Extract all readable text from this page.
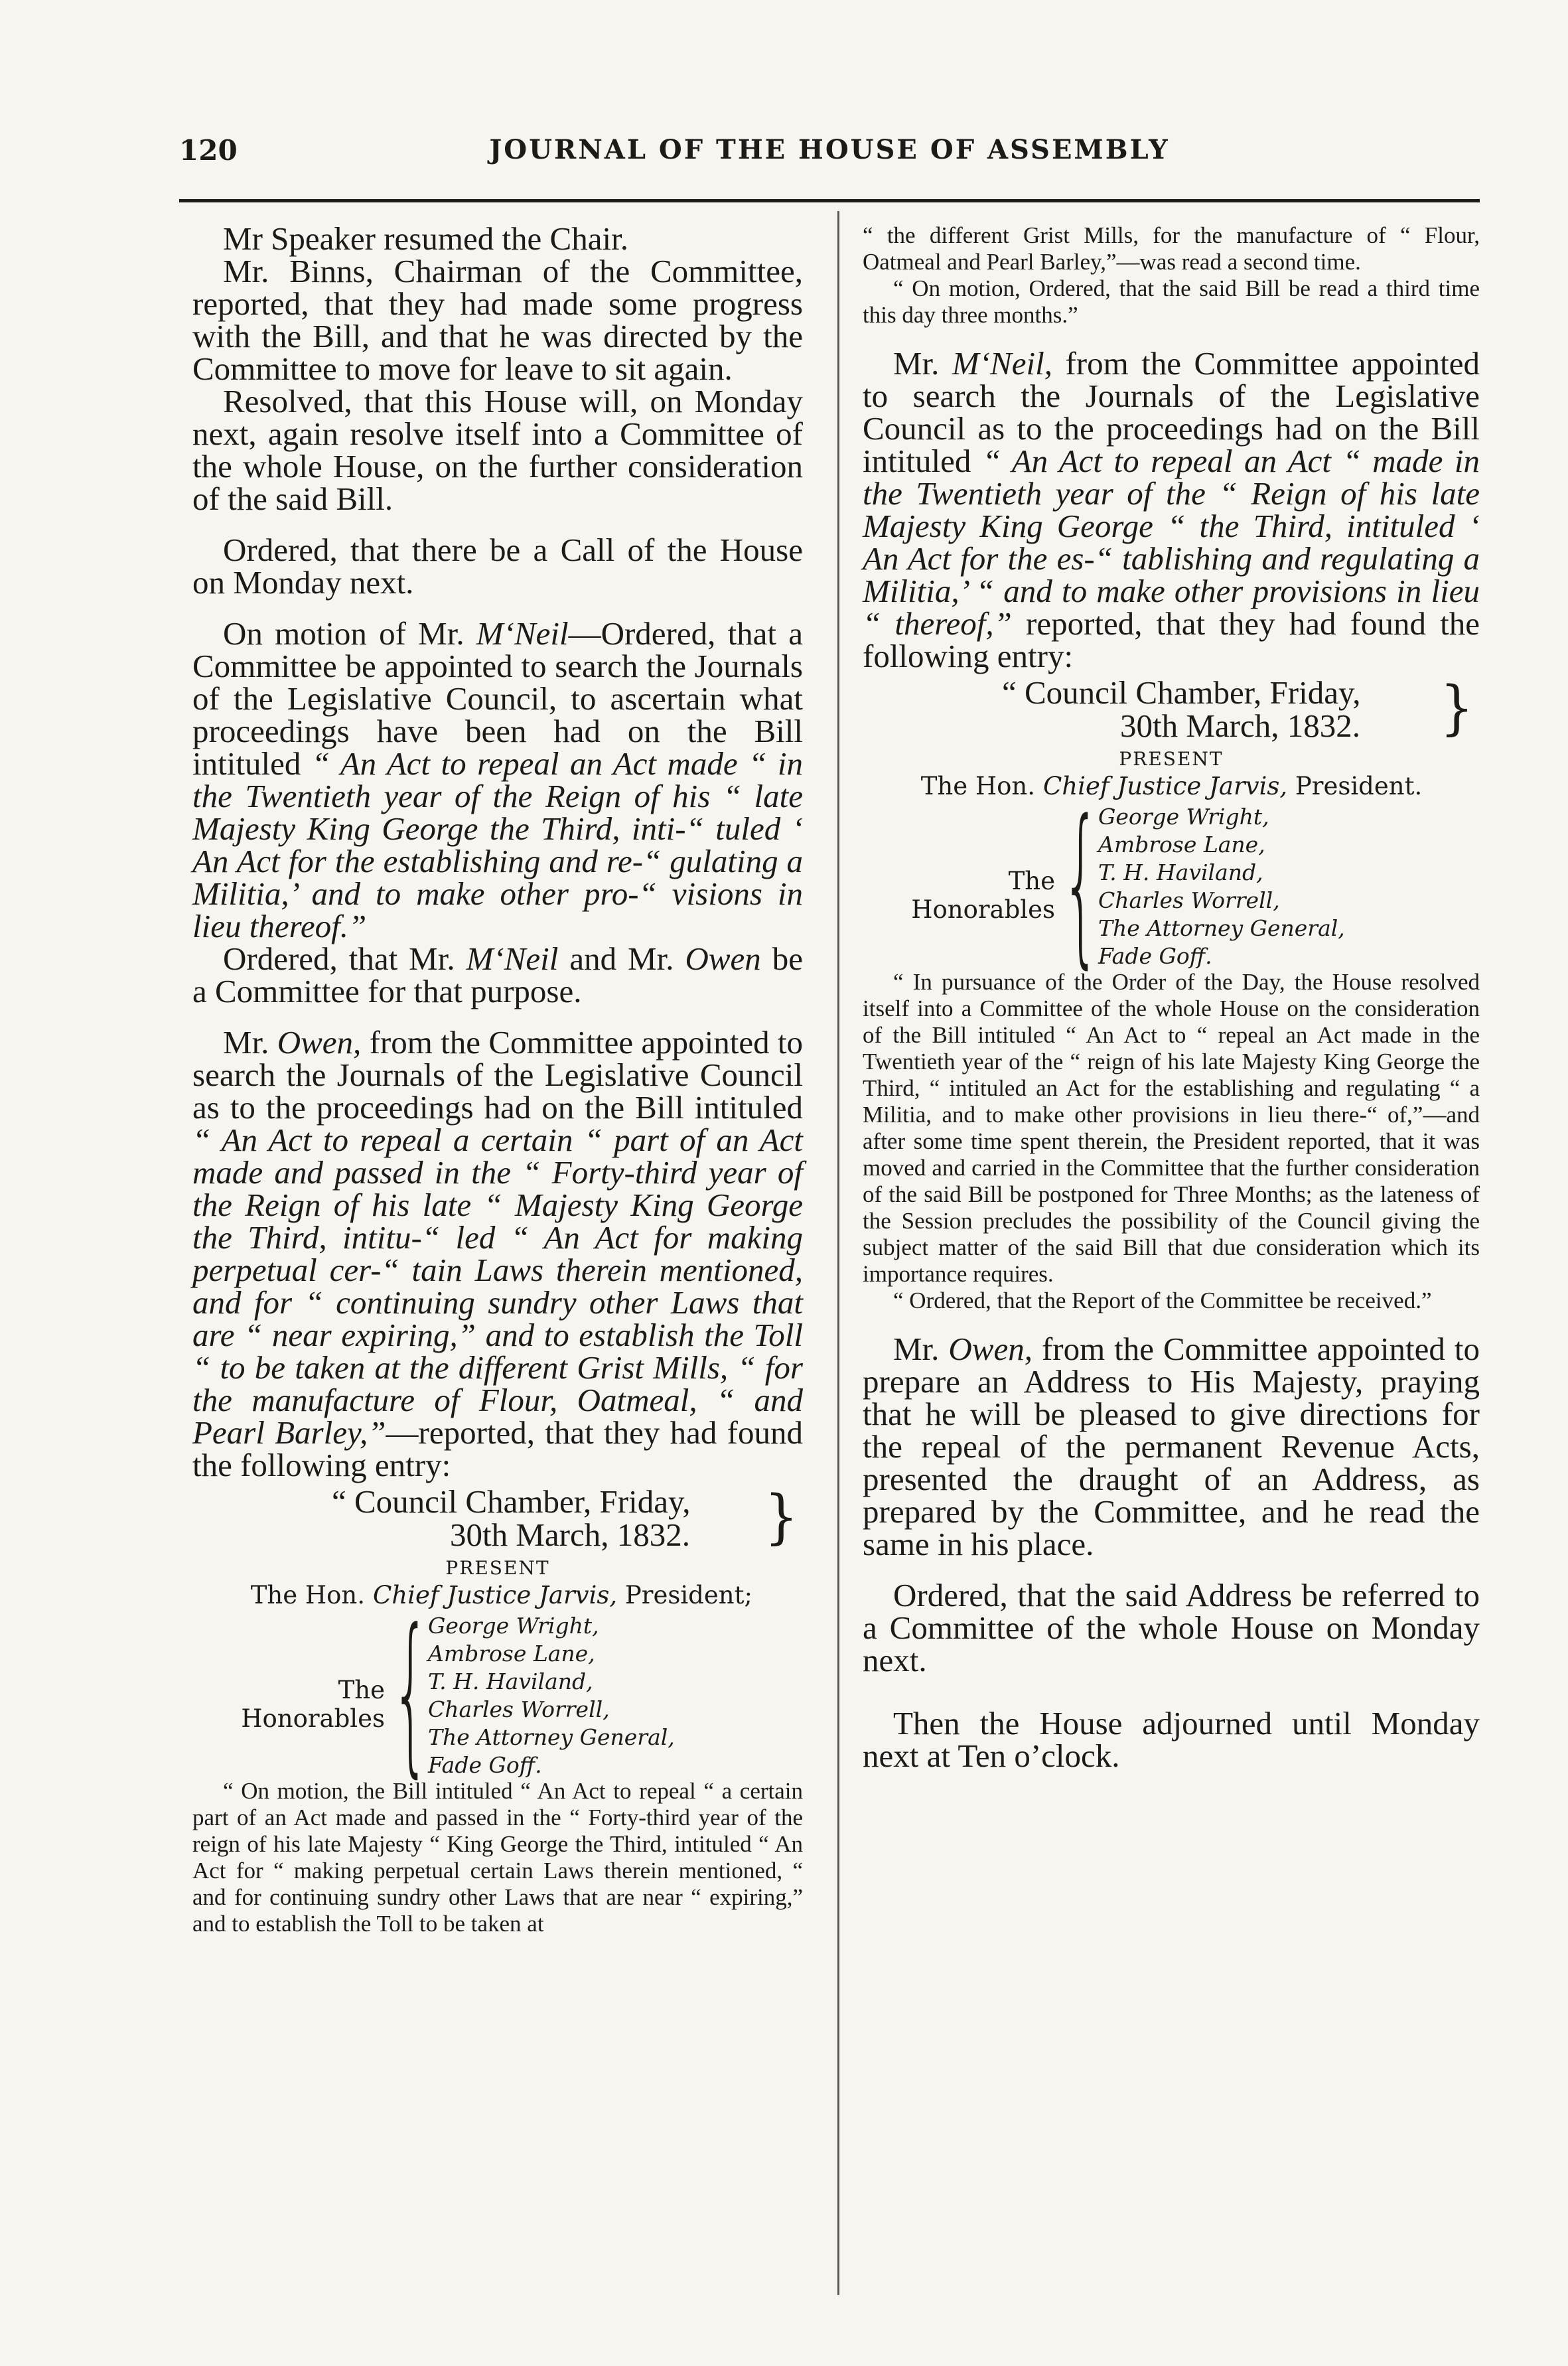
120	JOURNAL OF THE HOUSE OF ASSEMBLY

Mr Speaker resumed the Chair.

Mr. Binns, Chairman of the Committee, reported, that they had made some progress with the Bill, and that he was directed by the Committee to move for leave to sit again.

Resolved, that this House will, on Monday next, again resolve itself into a Committee of the whole House, on the further consideration of the said Bill.

Ordered, that there be a Call of the House on Monday next.

On motion of Mr. M‘Neil—Ordered, that a Committee be appointed to search the Journals of the Legislative Council, to ascertain what proceedings have been had on the Bill intituled “ An Act to repeal an Act made “ in the Twentieth year of the Reign of his “ late Majesty King George the Third, inti-“ tuled ‘ An Act for the establishing and re-“ gulating a Militia,’ and to make other pro-“ visions in lieu thereof.”

Ordered, that Mr. M‘Neil and Mr. Owen be a Committee for that purpose.

Mr. Owen, from the Committee appointed to search the Journals of the Legislative Council as to the proceedings had on the Bill intituled “ An Act to repeal a certain “ part of an Act made and passed in the “ Forty-third year of the Reign of his late “ Majesty King George the Third, intitu-“ led “ An Act for making perpetual cer-“ tain Laws therein mentioned, and for “ continuing sundry other Laws that are “ near expiring,” and to establish the Toll “ to be taken at the different Grist Mills, “ for the manufacture of Flour, Oatmeal, “ and Pearl Barley,”—reported, that they had found the following entry:

“ Council Chamber, Friday,
30th March, 1832.	}
PRESENT
The Hon. Chief Justice Jarvis, President;
The Honorables {
George Wright,
Ambrose Lane,
T. H. Haviland,
Charles Worrell,
The Attorney General,
Fade Goff.

“ On motion, the Bill intituled “ An Act to repeal “ a certain part of an Act made and passed in the “ Forty-third year of the reign of his late Majesty “ King George the Third, intituled “ An Act for “ making perpetual certain Laws therein mentioned, “ and for continuing sundry other Laws that are near “ expiring,” and to establish the Toll to be taken at

“ the different Grist Mills, for the manufacture of “ Flour, Oatmeal and Pearl Barley,”—was read a second time.

“ On motion, Ordered, that the said Bill be read a third time this day three months.”

Mr. M‘Neil, from the Committee appointed to search the Journals of the Legislative Council as to the proceedings had on the Bill intituled “ An Act to repeal an Act “ made in the Twentieth year of the “ Reign of his late Majesty King George “ the Third, intituled ‘ An Act for the es-“ tablishing and regulating a Militia,’ “ and to make other provisions in lieu “ thereof,” reported, that they had found the following entry:

“ Council Chamber, Friday,
30th March, 1832.	}
PRESENT
The Hon. Chief Justice Jarvis, President.
The Honorables {
George Wright,
Ambrose Lane,
T. H. Haviland,
Charles Worrell,
The Attorney General,
Fade Goff.

“ In pursuance of the Order of the Day, the House resolved itself into a Committee of the whole House on the consideration of the Bill intituled “ An Act to “ repeal an Act made in the Twentieth year of the “ reign of his late Majesty King George the Third, “ intituled an Act for the establishing and regulating “ a Militia, and to make other provisions in lieu there-“ of,”—and after some time spent therein, the President reported, that it was moved and carried in the Committee that the further consideration of the said Bill be postponed for Three Months; as the lateness of the Session precludes the possibility of the Council giving the subject matter of the said Bill that due consideration which its importance requires.

“ Ordered, that the Report of the Committee be received.”

Mr. Owen, from the Committee appointed to prepare an Address to His Majesty, praying that he will be pleased to give directions for the repeal of the permanent Revenue Acts, presented the draught of an Address, as prepared by the Committee, and he read the same in his place.

Ordered, that the said Address be referred to a Committee of the whole House on Monday next.

Then the House adjourned until Monday next at Ten o’clock.
